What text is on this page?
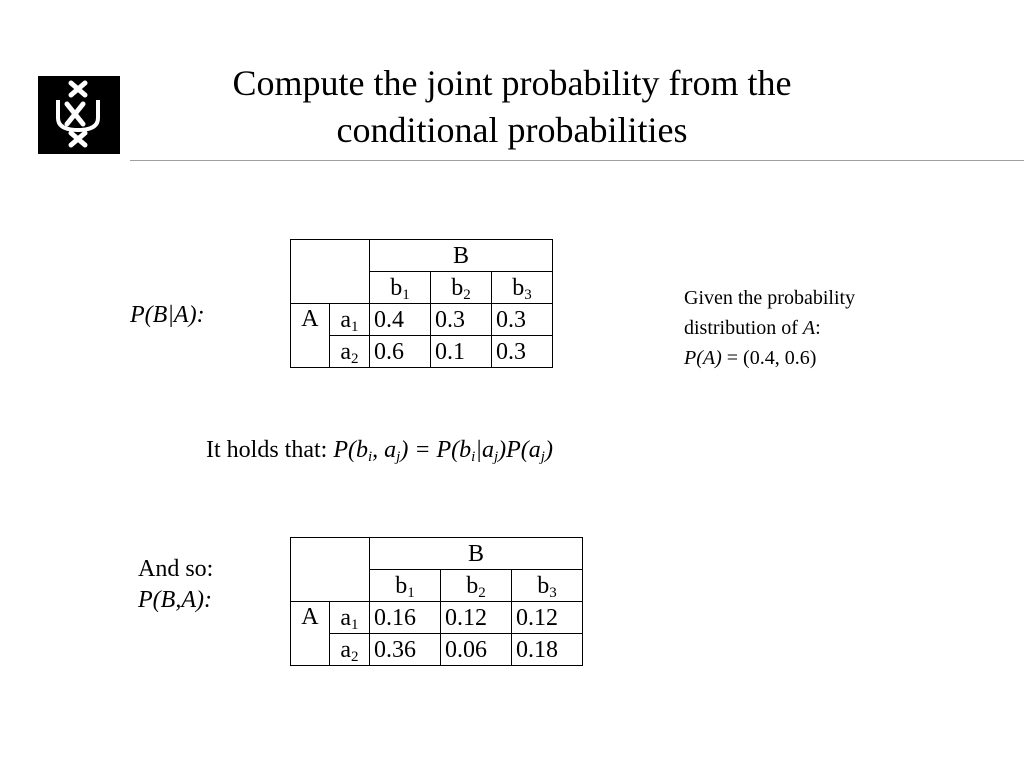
Compute the joint probability from the
conditional probabilities
P(B|A):
		B		
		$b_1$	$b_2$	$b_3$
A	$a_1$	0.4	0.3	0.3
	$a_2$	0.6	0.1	0.3
Given the probability
distribution of A:
P(A) = (0.4, 0.6)
It holds that: $P(b_i$, $a_j) = P(b_i|a_j)P(a_j)$
And so:
P(B,A):
		B		
		$b_1$	$b_2$	$b_3$
A	$a_1$	0.16	0.12	0.12
	$a_2$	0.36	0.06	0.18
